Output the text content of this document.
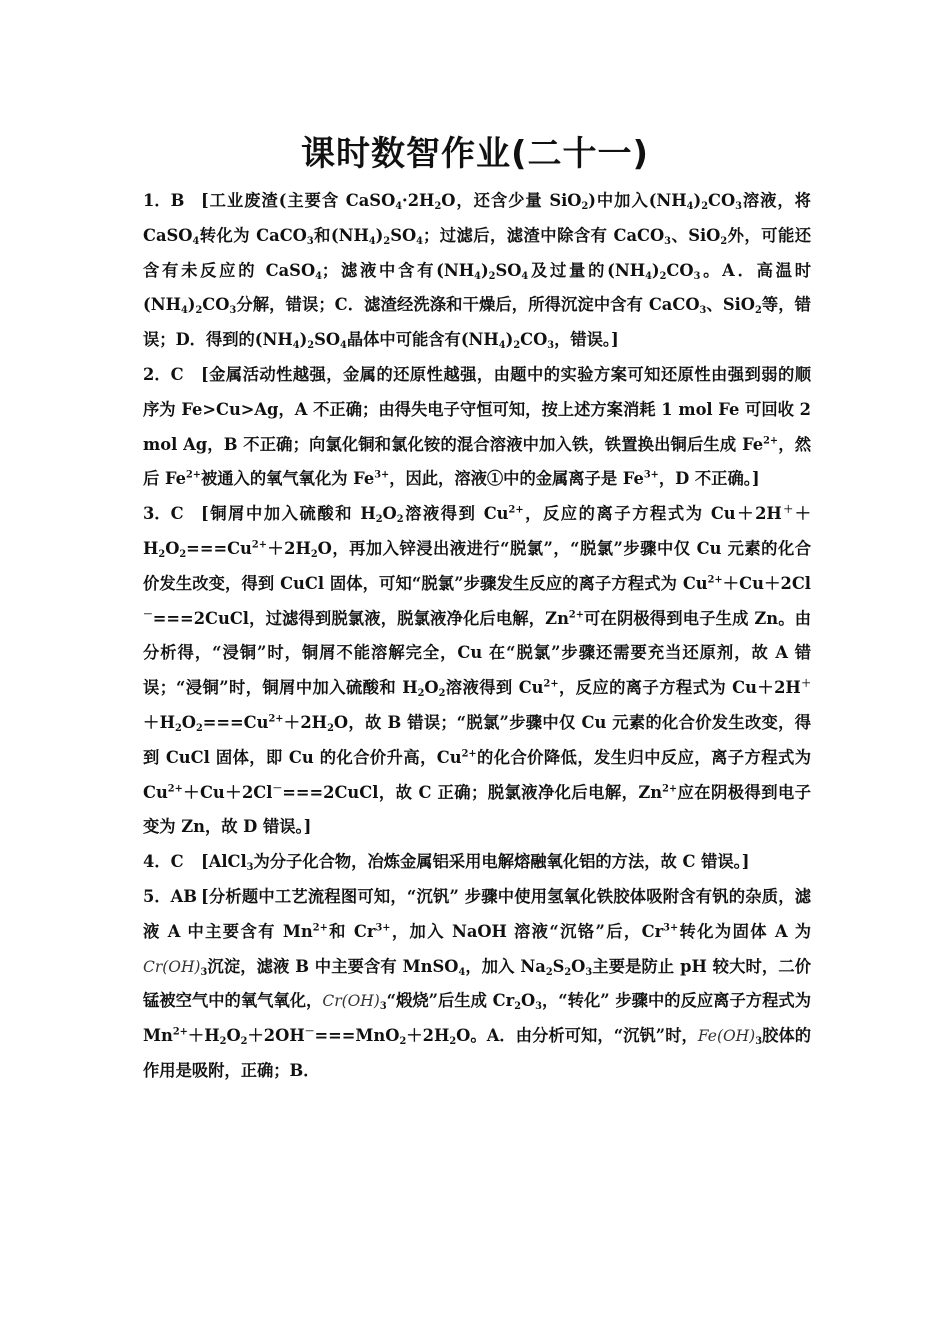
课时数智作业(二十一)

1．B [工业废渣(主要含 $CaSO_4\cdot 2H_2O$，还含少量 SiO$_2$)中加入$(NH_4)_2CO_3$溶液，将 CaSO$_4$转化为 CaCO$_3$和$(NH_4)_2SO_4$；过滤后，滤渣中除含有 CaCO$_3$、SiO$_2$外，可能还含有未反应的 CaSO$_4$；滤液中含有$(NH_4)_2SO_4$及过量的$(NH_4)_2CO_3$。A．高温时$(NH_4)_2CO_3$分解，错误；C．滤渣经洗涤和干燥后，所得沉淀中含有 CaCO$_3$、SiO$_2$等，错误；D．得到的$(NH_4)_2SO_4$晶体中可能含有$(NH_4)_2CO_3$，错误。]

2．C [金属活动性越强，金属的还原性越强，由题中的实验方案可知还原性由强到弱的顺序为 Fe>Cu>Ag，A 不正确；由得失电子守恒可知，按上述方案消耗 1 mol Fe 可回收 2 mol Ag，B 不正确；向氯化铜和氯化铵的混合溶液中加入铁，铁置换出铜后生成 $Fe^{2+}$，然后 $Fe^{2+}$被通入的氧气氧化为 $Fe^{3+}$，因此，溶液①中的金属离子是 $Fe^{3+}$，D 不正确。]

3．C [铜屑中加入硫酸和 $H_2O_2$溶液得到 $Cu^{2+}$，反应的离子方程式为 $Cu+2H^++H_2O_2===Cu^{2+}+2H_2O$，再加入锌浸出液进行“脱氯”，“脱氯”步骤中仅 Cu 元素的化合价发生改变，得到 CuCl 固体，可知“脱氯”步骤发生反应的离子方程式为 $Cu^{2+}+Cu+2Cl^-===2CuCl$，过滤得到脱氯液，脱氯液净化后电解，$Zn^{2+}$可在阴极得到电子生成 Zn。由分析得，“浸铜”时，铜屑不能溶解完全，Cu 在“脱氯”步骤还需要充当还原剂，故 A 错误；“浸铜”时，铜屑中加入硫酸和 $H_2O_2$溶液得到 $Cu^{2+}$，反应的离子方程式为 $Cu+2H^++H_2O_2===Cu^{2+}+2H_2O$，故 B 错误；“脱氯”步骤中仅 Cu 元素的化合价发生改变，得到 CuCl 固体，即 Cu 的化合价升高，$Cu^{2+}$的化合价降低，发生归中反应，离子方程式为 $Cu^{2+}+Cu+2Cl^-===2CuCl$，故 C 正确；脱氯液净化后电解，$Zn^{2+}$应在阴极得到电子变为 Zn，故 D 错误。]

4．C [AlCl$_3$为分子化合物，冶炼金属铝采用电解熔融氧化铝的方法，故 C 错误。]

5．AB [分析题中工艺流程图可知，“沉钒” 步骤中使用氢氧化铁胶体吸附含有钒的杂质，滤液 A 中主要含有 $Mn^{2+}$和 $Cr^{3+}$，加入 NaOH 溶液“沉铬”后，$Cr^{3+}$转化为固体 A 为$Cr(OH)_3$沉淀，滤液 B 中主要含有 MnSO$_4$，加入 $Na_2S_2O_3$主要是防止 pH 较大时，二价锰被空气中的氧气氧化，$Cr(OH)_3“$煅烧”后生成 $Cr_2O_3$，“转化” 步骤中的反应离子方程式为 $Mn^{2+}+H_2O_2+2OH^-===MnO_2+2H_2O$。A．由分析可知，“沉钒”时，$Fe(OH)_3$胶体的作用是吸附，正确；B．
